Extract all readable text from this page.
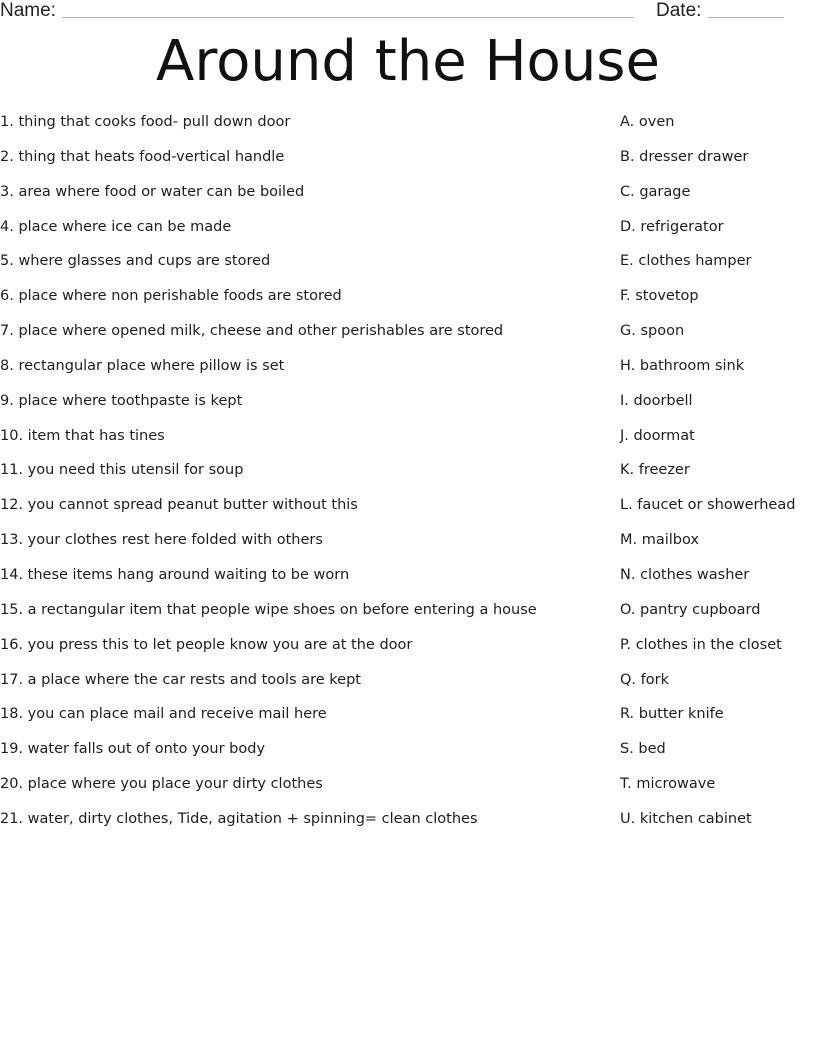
Name:	Date:
Around the House
1. thing that cooks food- pull down door
2. thing that heats food-vertical handle
3. area where food or water can be boiled
4. place where ice can be made
5. where glasses and cups are stored
6. place where non perishable foods are stored
7. place where opened milk, cheese and other perishables are stored
8. rectangular place where pillow is set
9. place where toothpaste is kept
10. item that has tines
11. you need this utensil for soup
12. you cannot spread peanut butter without this
13. your clothes rest here folded with others
14. these items hang around waiting to be worn
15. a rectangular item that people wipe shoes on before entering a house
16. you press this to let people know you are at the door
17. a place where the car rests and tools are kept
18. you can place mail and receive mail here
19. water falls out of onto your body
20. place where you place your dirty clothes
21. water, dirty clothes, Tide, agitation + spinning= clean clothes
A. oven
B. dresser drawer
C. garage
D. refrigerator
E. clothes hamper
F. stovetop
G. spoon
H. bathroom sink
I. doorbell
J. doormat
K. freezer
L. faucet or showerhead
M. mailbox
N. clothes washer
O. pantry cupboard
P. clothes in the closet
Q. fork
R. butter knife
S. bed
T. microwave
U. kitchen cabinet
